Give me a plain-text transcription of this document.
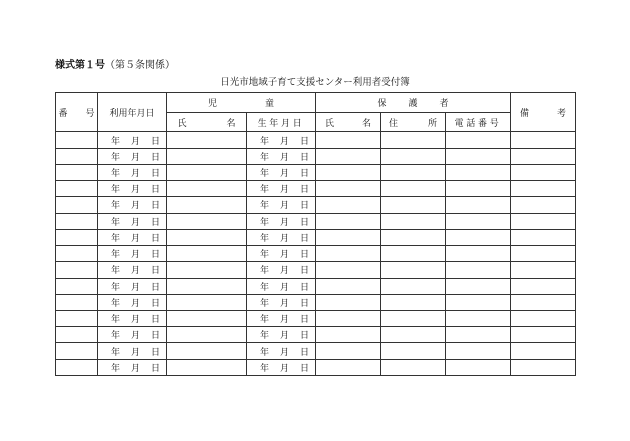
様式第１号（第５条関係）
日光市地域子育て支援センター利用者受付簿
番 号	利用年月日	児 童		保 護 者			備 考
		氏 名	生年月日	氏 名	住 所	電話番号	

	年 月 日		年 月 日				

	年 月 日		年 月 日				

	年 月 日		年 月 日				

	年 月 日		年 月 日				

	年 月 日		年 月 日				

	年 月 日		年 月 日				

	年 月 日		年 月 日				

	年 月 日		年 月 日				

	年 月 日		年 月 日				

	年 月 日		年 月 日				

	年 月 日		年 月 日				

	年 月 日		年 月 日				

	年 月 日		年 月 日				

	年 月 日		年 月 日				

	年 月 日		年 月 日				
